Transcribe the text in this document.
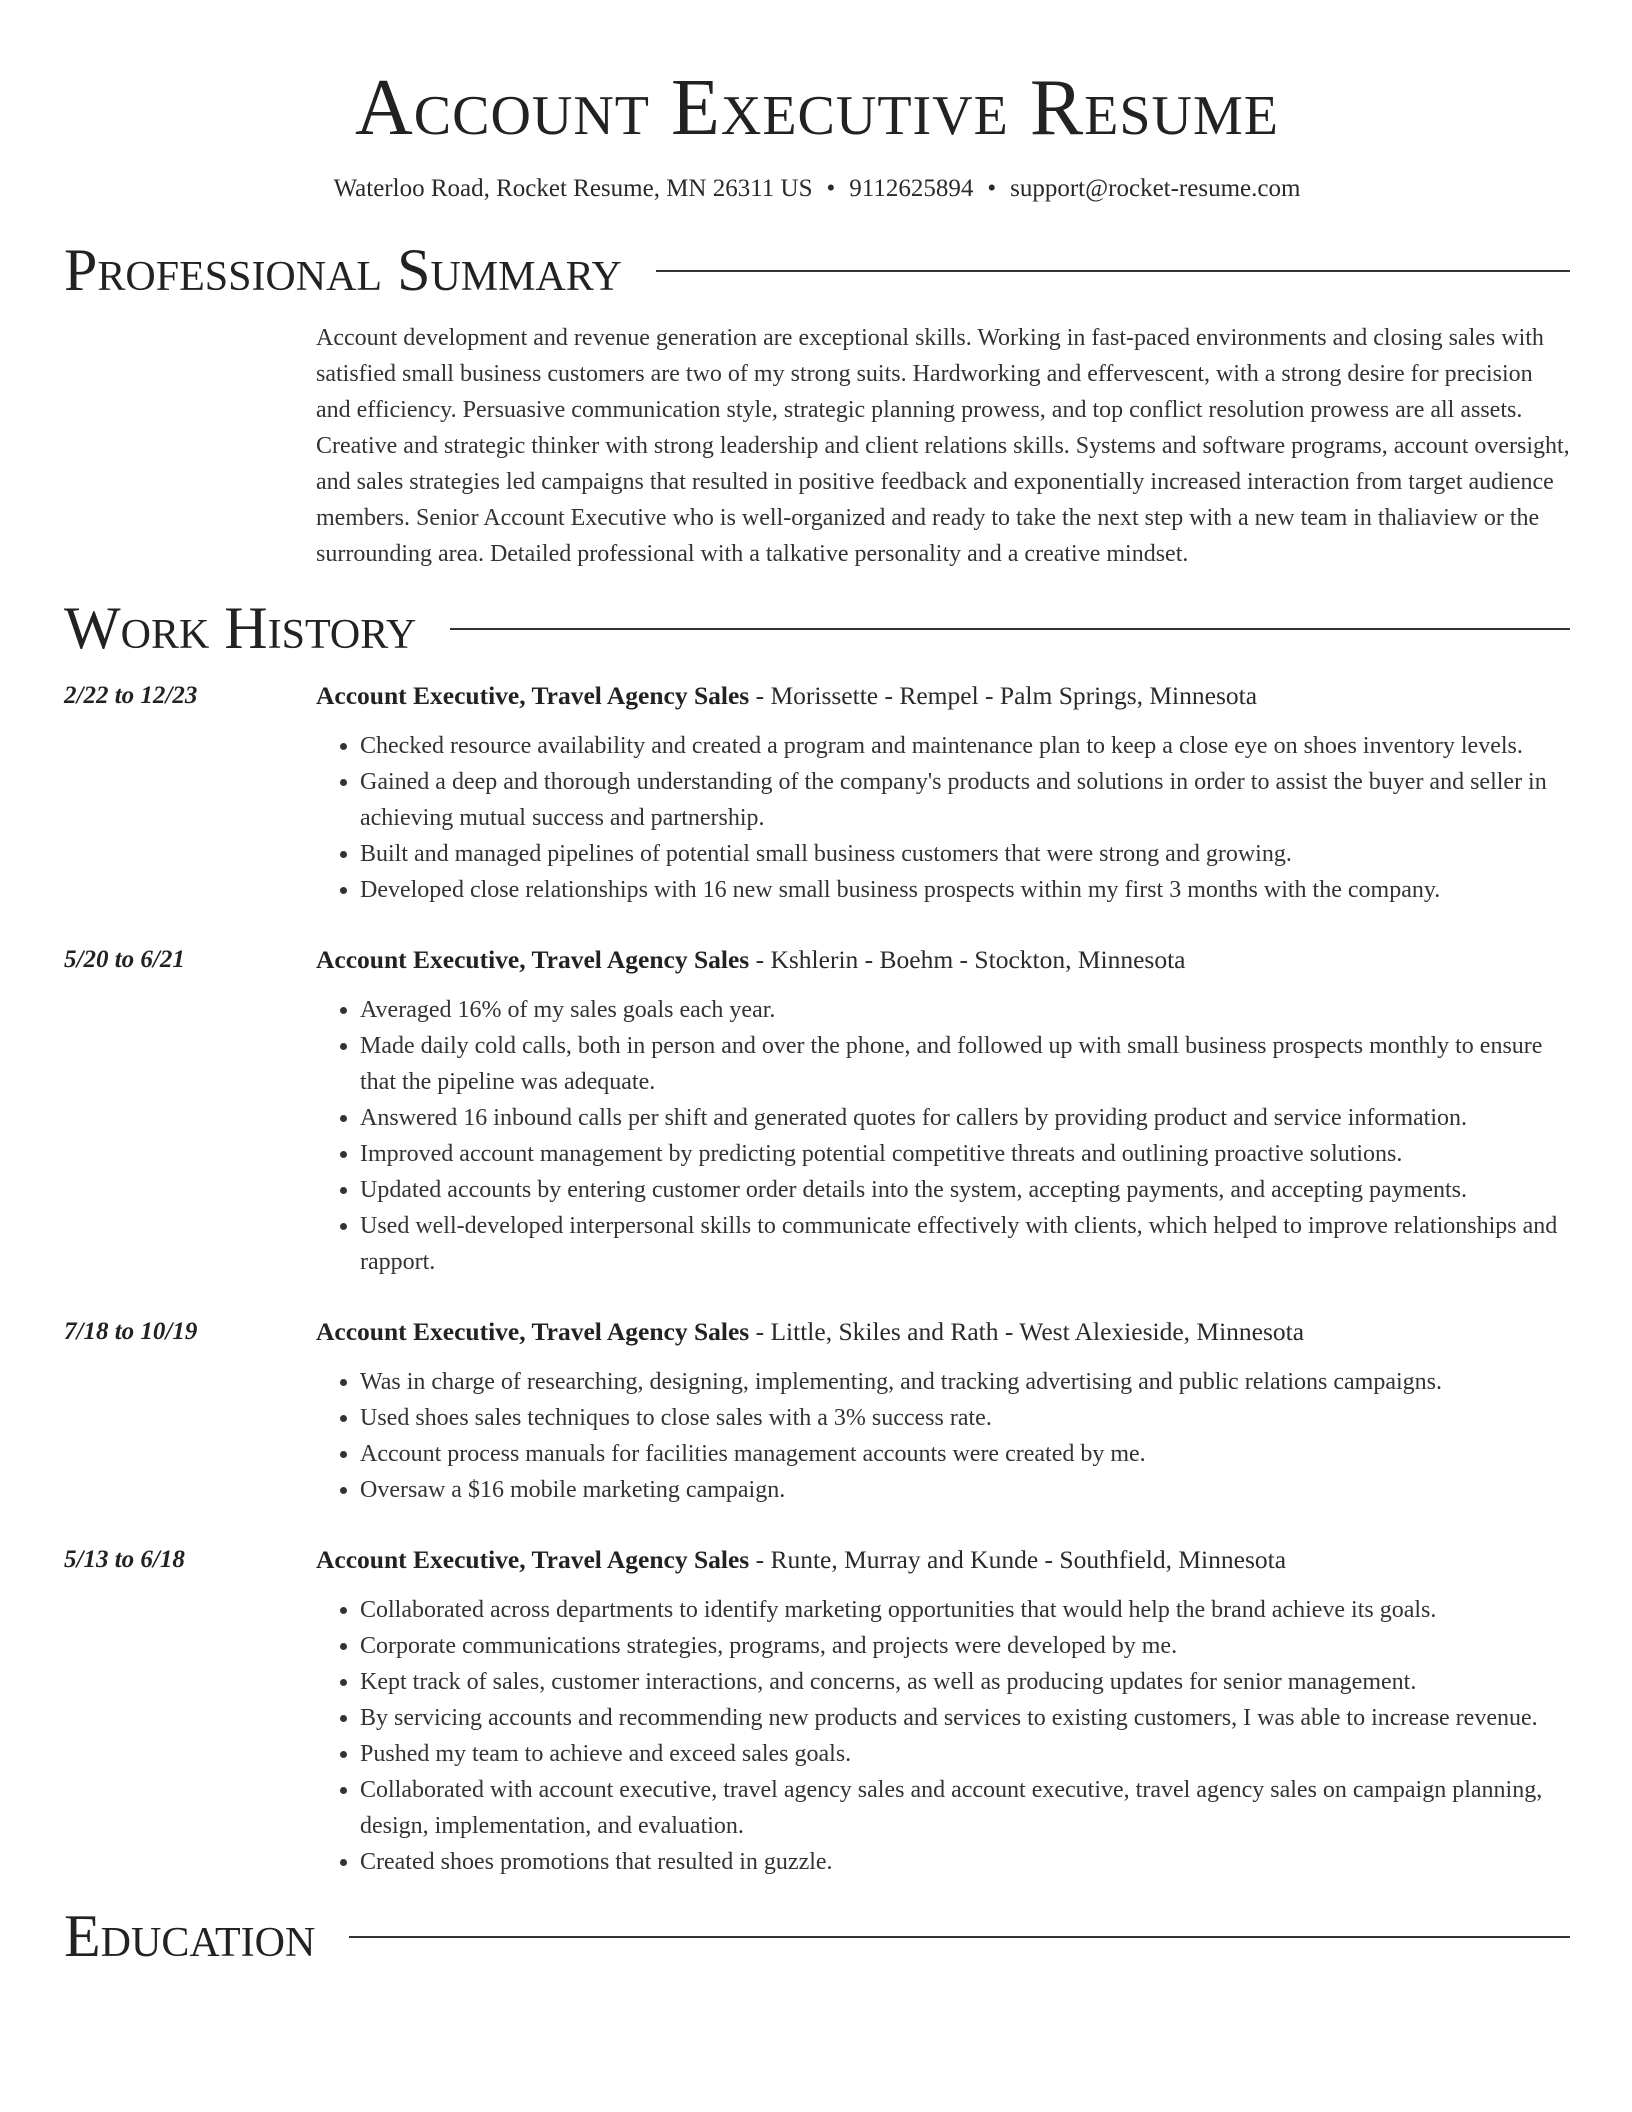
Account Executive Resume
Waterloo Road, Rocket Resume, MN 26311 US • 9112625894 • support@rocket-resume.com
Professional Summary
Account development and revenue generation are exceptional skills. Working in fast-paced environments and closing sales with satisfied small business customers are two of my strong suits. Hardworking and effervescent, with a strong desire for precision and efficiency. Persuasive communication style, strategic planning prowess, and top conflict resolution prowess are all assets. Creative and strategic thinker with strong leadership and client relations skills. Systems and software programs, account oversight, and sales strategies led campaigns that resulted in positive feedback and exponentially increased interaction from target audience members. Senior Account Executive who is well-organized and ready to take the next step with a new team in thaliaview or the surrounding area. Detailed professional with a talkative personality and a creative mindset.
Work History
2/22 to 12/23	Account Executive, Travel Agency Sales - Morissette - Rempel - Palm Springs, Minnesota
• Checked resource availability and created a program and maintenance plan to keep a close eye on shoes inventory levels.
• Gained a deep and thorough understanding of the company's products and solutions in order to assist the buyer and seller in achieving mutual success and partnership.
• Built and managed pipelines of potential small business customers that were strong and growing.
• Developed close relationships with 16 new small business prospects within my first 3 months with the company.
5/20 to 6/21	Account Executive, Travel Agency Sales - Kshlerin - Boehm - Stockton, Minnesota
• Averaged 16% of my sales goals each year.
• Made daily cold calls, both in person and over the phone, and followed up with small business prospects monthly to ensure that the pipeline was adequate.
• Answered 16 inbound calls per shift and generated quotes for callers by providing product and service information.
• Improved account management by predicting potential competitive threats and outlining proactive solutions.
• Updated accounts by entering customer order details into the system, accepting payments, and accepting payments.
• Used well-developed interpersonal skills to communicate effectively with clients, which helped to improve relationships and rapport.
7/18 to 10/19	Account Executive, Travel Agency Sales - Little, Skiles and Rath - West Alexieside, Minnesota
• Was in charge of researching, designing, implementing, and tracking advertising and public relations campaigns.
• Used shoes sales techniques to close sales with a 3% success rate.
• Account process manuals for facilities management accounts were created by me.
• Oversaw a $16 mobile marketing campaign.
5/13 to 6/18	Account Executive, Travel Agency Sales - Runte, Murray and Kunde - Southfield, Minnesota
• Collaborated across departments to identify marketing opportunities that would help the brand achieve its goals.
• Corporate communications strategies, programs, and projects were developed by me.
• Kept track of sales, customer interactions, and concerns, as well as producing updates for senior management.
• By servicing accounts and recommending new products and services to existing customers, I was able to increase revenue.
• Pushed my team to achieve and exceed sales goals.
• Collaborated with account executive, travel agency sales and account executive, travel agency sales on campaign planning, design, implementation, and evaluation.
• Created shoes promotions that resulted in guzzle.
Education
